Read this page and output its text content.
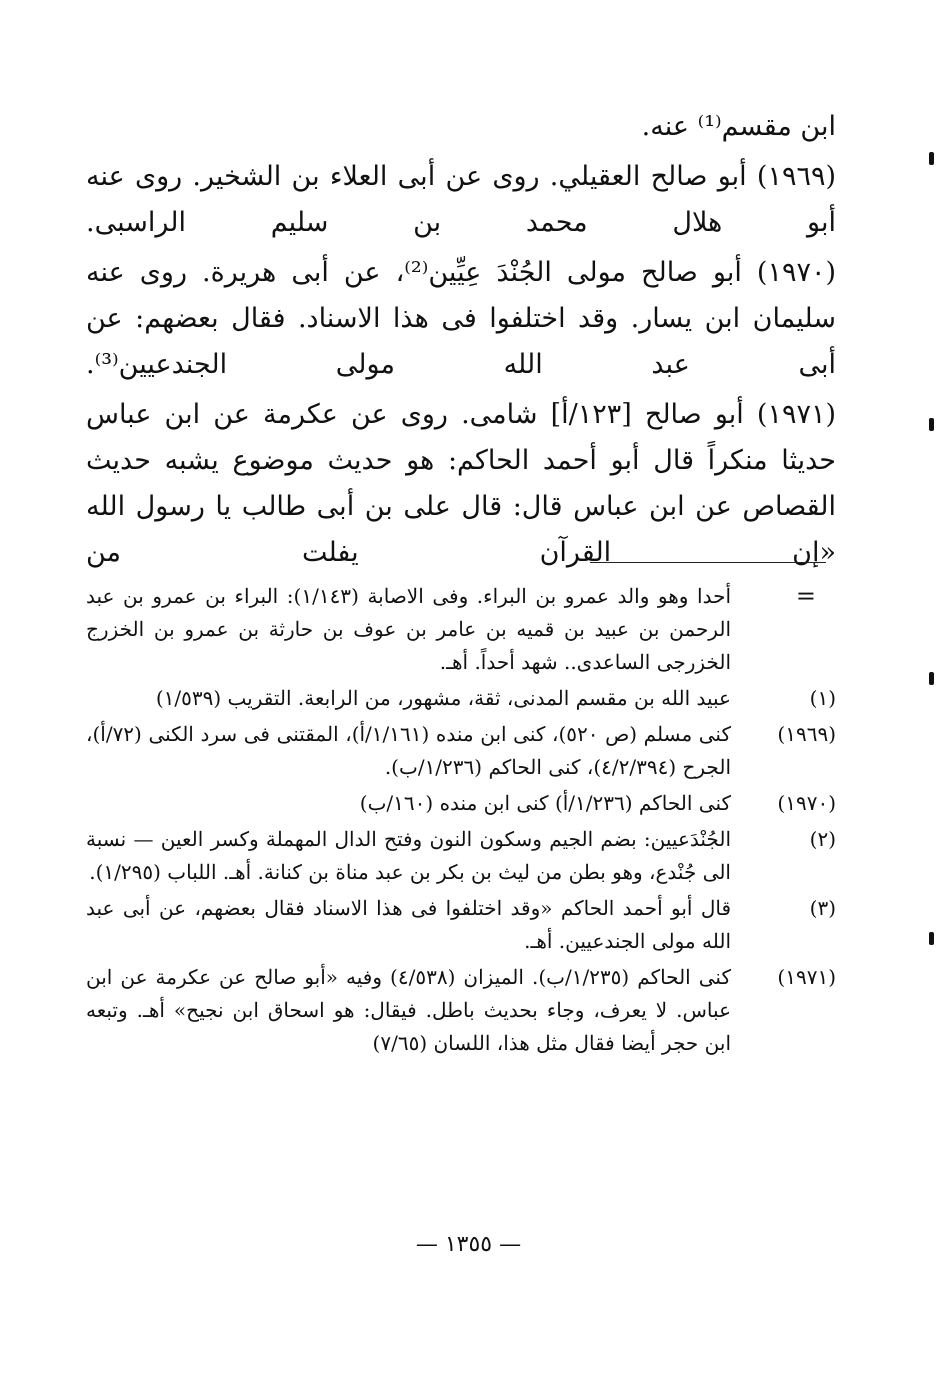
ابن مقسم⁽¹⁾ عنه.

(١٩٦٩) أبو صالح العقيلي. روى عن أبى العلاء بن الشخير. روى عنه أبو هلال محمد بن سليم الراسبى.

(١٩٧٠) أبو صالح مولى الجُنْدَ عِيِّين⁽²⁾، عن أبى هريرة. روى عنه سليمان ابن يسار. وقد اختلفوا فى هذا الاسناد. فقال بعضهم: عن أبى عبد الله مولى الجندعيين⁽³⁾.

(١٩٧١) أبو صالح [١٢٣/أ] شامى. روى عن عكرمة عن ابن عباس حديثا منكراً قال أبو أحمد الحاكم: هو حديث موضوع يشبه حديث القصاص عن ابن عباس قال: قال على بن أبى طالب يا رسول الله «إن القرآن يفلت من

=
أحدا وهو والد عمرو بن البراء. وفى الاصابة (١/١٤٣): البراء بن عمرو بن عبد الرحمن بن عبيد بن قميه بن عامر بن عوف بن حارثة بن عمرو بن الخزرج الخزرجى الساعدى.. شهد أحداً. أهـ.
(١)
عبيد الله بن مقسم المدنى، ثقة، مشهور، من الرابعة. التقريب (١/٥٣٩)
(١٩٦٩)
كنى مسلم (ص ٥٢٠)، كنى ابن منده (١/١٦١/أ)، المقتنى فى سرد الكنى (٧٢/أ)، الجرح (٤/٢/٣٩٤)، كنى الحاكم (١/٢٣٦/ب).
(١٩٧٠)
كنى الحاكم (١/٢٣٦/أ) كنى ابن منده (١٦٠/ب)
(٢)
الجُنْدَعيين: بضم الجيم وسكون النون وفتح الدال المهملة وكسر العين — نسبة الى جُنْدع، وهو بطن من ليث بن بكر بن عبد مناة بن كنانة. أهـ. اللباب (١/٢٩٥).
(٣)
قال أبو أحمد الحاكم «وقد اختلفوا فى هذا الاسناد فقال بعضهم، عن أبى عبد الله مولى الجندعيين. أهـ.
(١٩٧١)
كنى الحاكم (١/٢٣٥/ب). الميزان (٤/٥٣٨) وفيه «أبو صالح عن عكرمة عن ابن عباس. لا يعرف، وجاء بحديث باطل. فيقال: هو اسحاق ابن نجيح» أهـ. وتبعه ابن حجر أيضا فقال مثل هذا، اللسان (٧/٦٥)
— ١٣٥٥ —
